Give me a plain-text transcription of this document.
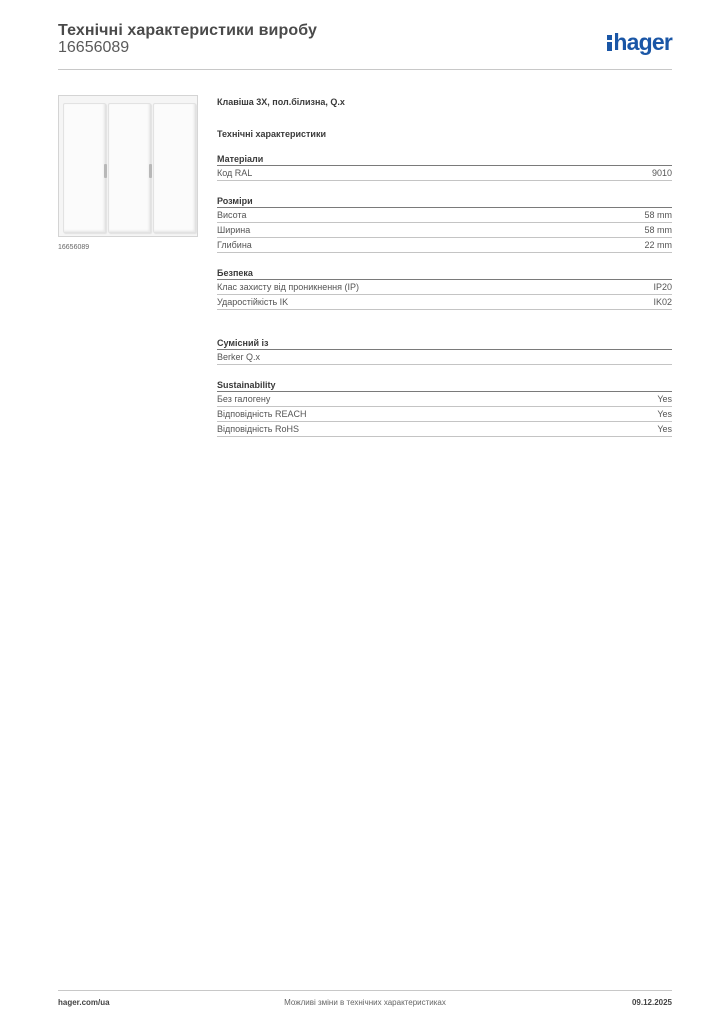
Технічні характеристики виробу
16656089	hager
16656089
Клавіша 3X, пол.білизна, Q.x
Технічні характеристики
Матеріали
Код RAL	9010
Розміри
Висота	58 mm
Ширина	58 mm
Глибина	22 mm
Безпека
Клас захисту від проникнення (IP)	IP20
Ударостійкість IK	IK02
Сумісний із
Berker Q.x
Sustainability
Без галогену	Yes
Відповідність REACH	Yes
Відповідність RoHS	Yes
hager.com/ua	Можливі зміни в технічних характеристиках	09.12.2025
